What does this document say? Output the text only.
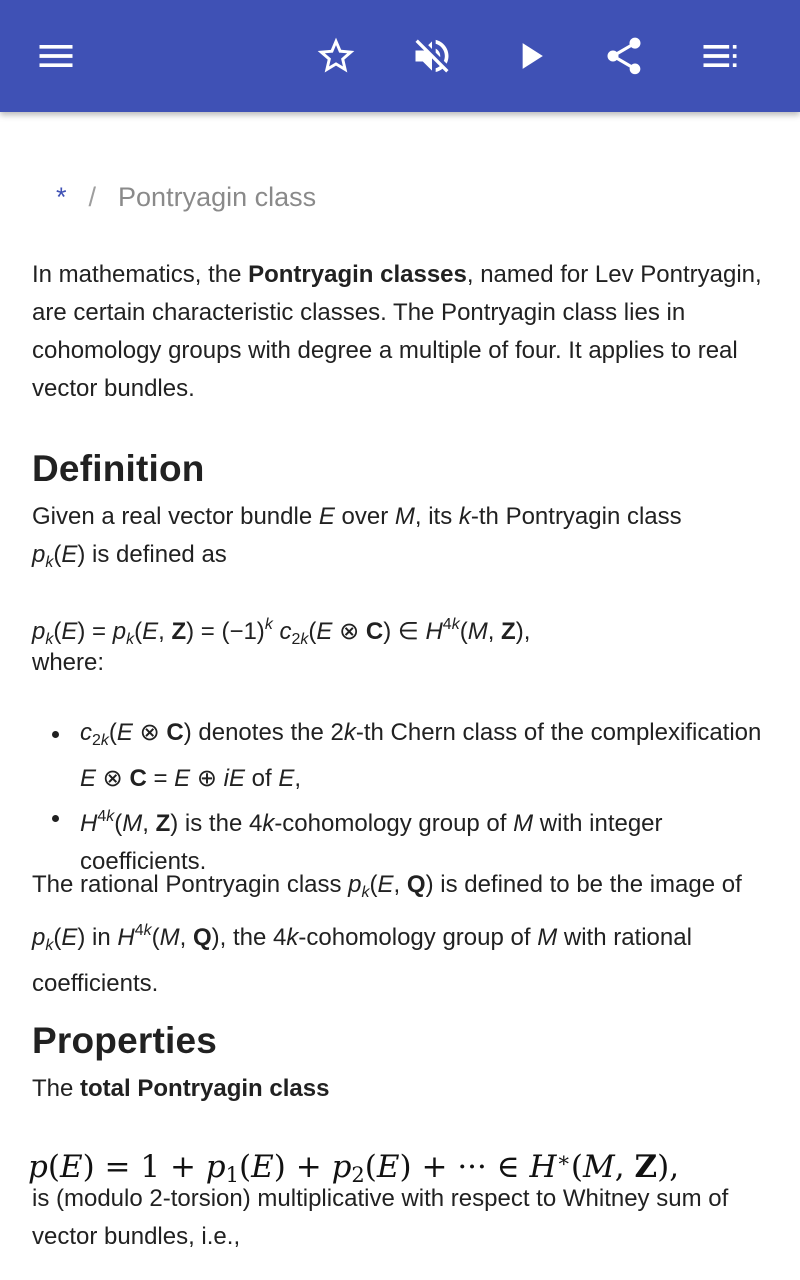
* / Pontryagin class
In mathematics, the Pontryagin classes, named for Lev Pontryagin, are certain characteristic classes. The Pontryagin class lies in cohomology groups with degree a multiple of four. It applies to real vector bundles.
Definition
Given a real vector bundle E over M, its k-th Pontryagin class
$p_k(E)$ is defined as
$p_k(E) = p_k(E$, $Z) = (-1)^k$ $c_{2k}(E$ ⊗ C) ∈ $H^{4k}(M$, Z),
where:
$c_{2k}(E$ ⊗ C) denotes the 2k-th Chern class of the complexification E ⊗ C = E ⊕ iE of E,
$H^{4k}(M$, Z) is the 4k-cohomology group of M with integer coefficients.
The rational Pontryagin class $p_k(E$, Q) is defined to be the image of $p_k(E)$ in $H^{4k}(M$, Q), the 4k-cohomology group of M with rational coefficients.
Properties
The total Pontryagin class
$p(E) = 1 + p_1(E) + p_2(E)$ + ··· ∈ H∗(M, Z),
is (modulo 2-torsion) multiplicative with respect to Whitney sum of vector bundles, i.e.,
